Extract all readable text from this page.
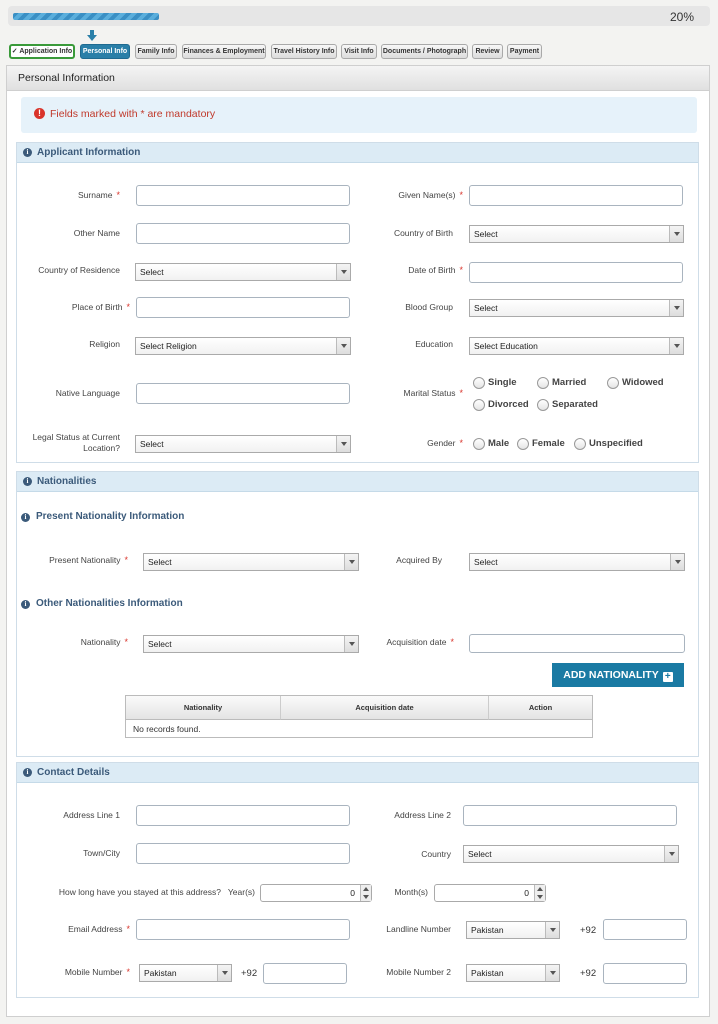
20%
✓ Application Info	Personal Info	Family Info	Finances & Employment	Travel History Info	Visit Info	Documents / Photograph	Review	Payment
Personal Information
! Fields marked with * are mandatory
i Applicant Information
Surname *	Given Name(s) *
Other Name	Country of Birth	Select
Country of Residence	Select	Date of Birth *
Place of Birth *	Blood Group	Select
Religion	Select Religion	Education	Select Education
Native Language	Marital Status *
Single	Married	Widowed
Divorced	Separated
Legal Status at Current Location?	Select	Gender *	Male	Female	Unspecified
i Nationalities
i Present Nationality Information
Present Nationality *	Select	Acquired By	Select
i Other Nationalities Information
Nationality *	Select	Acquisition date *
ADD NATIONALITY +
Nationality	Acquisition date	Action
No records found.
i Contact Details
Address Line 1	Address Line 2
Town/City	Country	Select
How long have you stayed at this address? Year(s)	0	Month(s)	0
Email Address *	Landline Number	Pakistan	+92
Mobile Number *	Pakistan	+92	Mobile Number 2	Pakistan	+92
